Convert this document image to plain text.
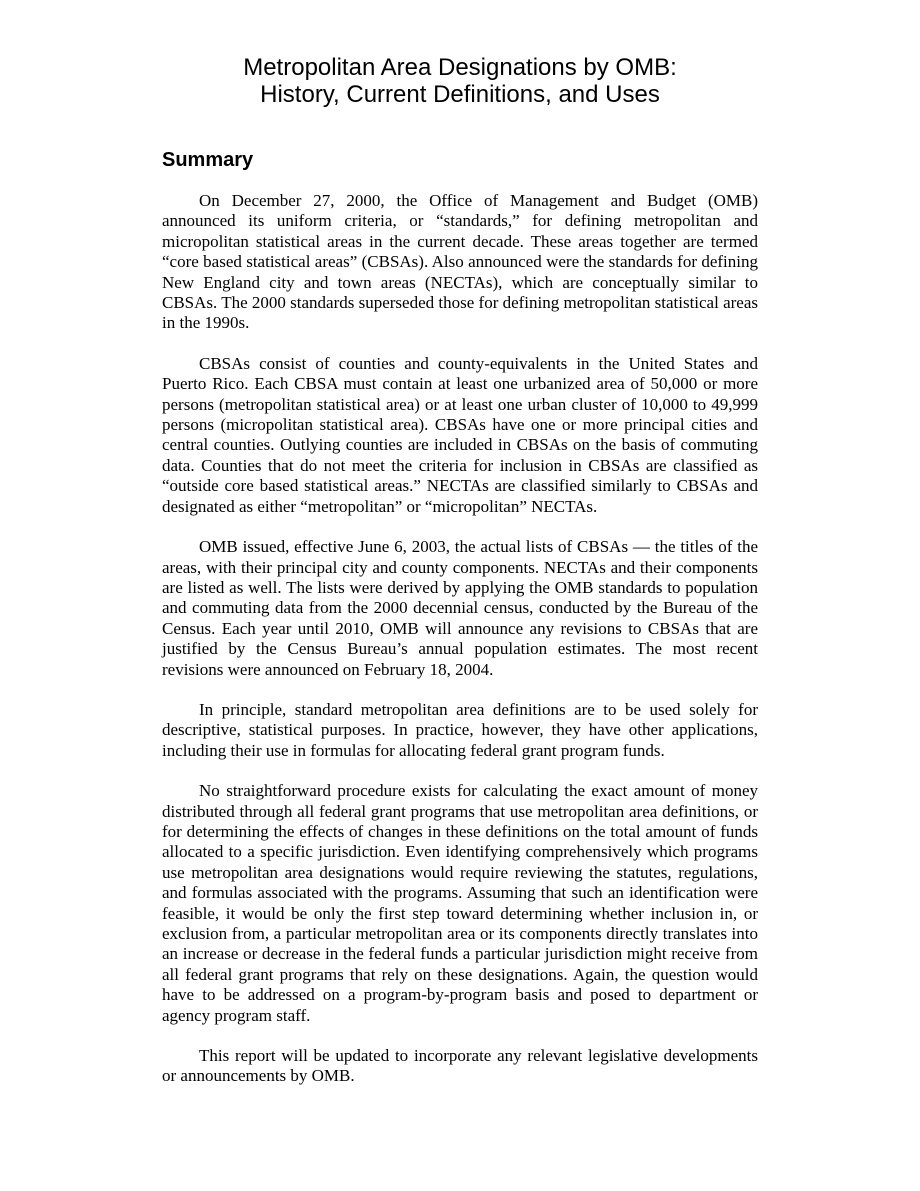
Metropolitan Area Designations by OMB:
History, Current Definitions, and Uses
Summary

On December 27, 2000, the Office of Management and Budget (OMB) announced its uniform criteria, or “standards,” for defining metropolitan and micropolitan statistical areas in the current decade. These areas together are termed “core based statistical areas” (CBSAs). Also announced were the standards for defining New England city and town areas (NECTAs), which are conceptually similar to CBSAs. The 2000 standards superseded those for defining metropolitan statistical areas in the 1990s.

CBSAs consist of counties and county-equivalents in the United States and Puerto Rico. Each CBSA must contain at least one urbanized area of 50,000 or more persons (metropolitan statistical area) or at least one urban cluster of 10,000 to 49,999 persons (micropolitan statistical area). CBSAs have one or more principal cities and central counties. Outlying counties are included in CBSAs on the basis of commuting data. Counties that do not meet the criteria for inclusion in CBSAs are classified as “outside core based statistical areas.” NECTAs are classified similarly to CBSAs and designated as either “metropolitan” or “micropolitan” NECTAs.

OMB issued, effective June 6, 2003, the actual lists of CBSAs — the titles of the areas, with their principal city and county components. NECTAs and their components are listed as well. The lists were derived by applying the OMB standards to population and commuting data from the 2000 decennial census, conducted by the Bureau of the Census. Each year until 2010, OMB will announce any revisions to CBSAs that are justified by the Census Bureau’s annual population estimates. The most recent revisions were announced on February 18, 2004.

In principle, standard metropolitan area definitions are to be used solely for descriptive, statistical purposes. In practice, however, they have other applications, including their use in formulas for allocating federal grant program funds.

No straightforward procedure exists for calculating the exact amount of money distributed through all federal grant programs that use metropolitan area definitions, or for determining the effects of changes in these definitions on the total amount of funds allocated to a specific jurisdiction. Even identifying comprehensively which programs use metropolitan area designations would require reviewing the statutes, regulations, and formulas associated with the programs. Assuming that such an identification were feasible, it would be only the first step toward determining whether inclusion in, or exclusion from, a particular metropolitan area or its components directly translates into an increase or decrease in the federal funds a particular jurisdiction might receive from all federal grant programs that rely on these designations. Again, the question would have to be addressed on a program-by-program basis and posed to department or agency program staff.

This report will be updated to incorporate any relevant legislative developments or announcements by OMB.
